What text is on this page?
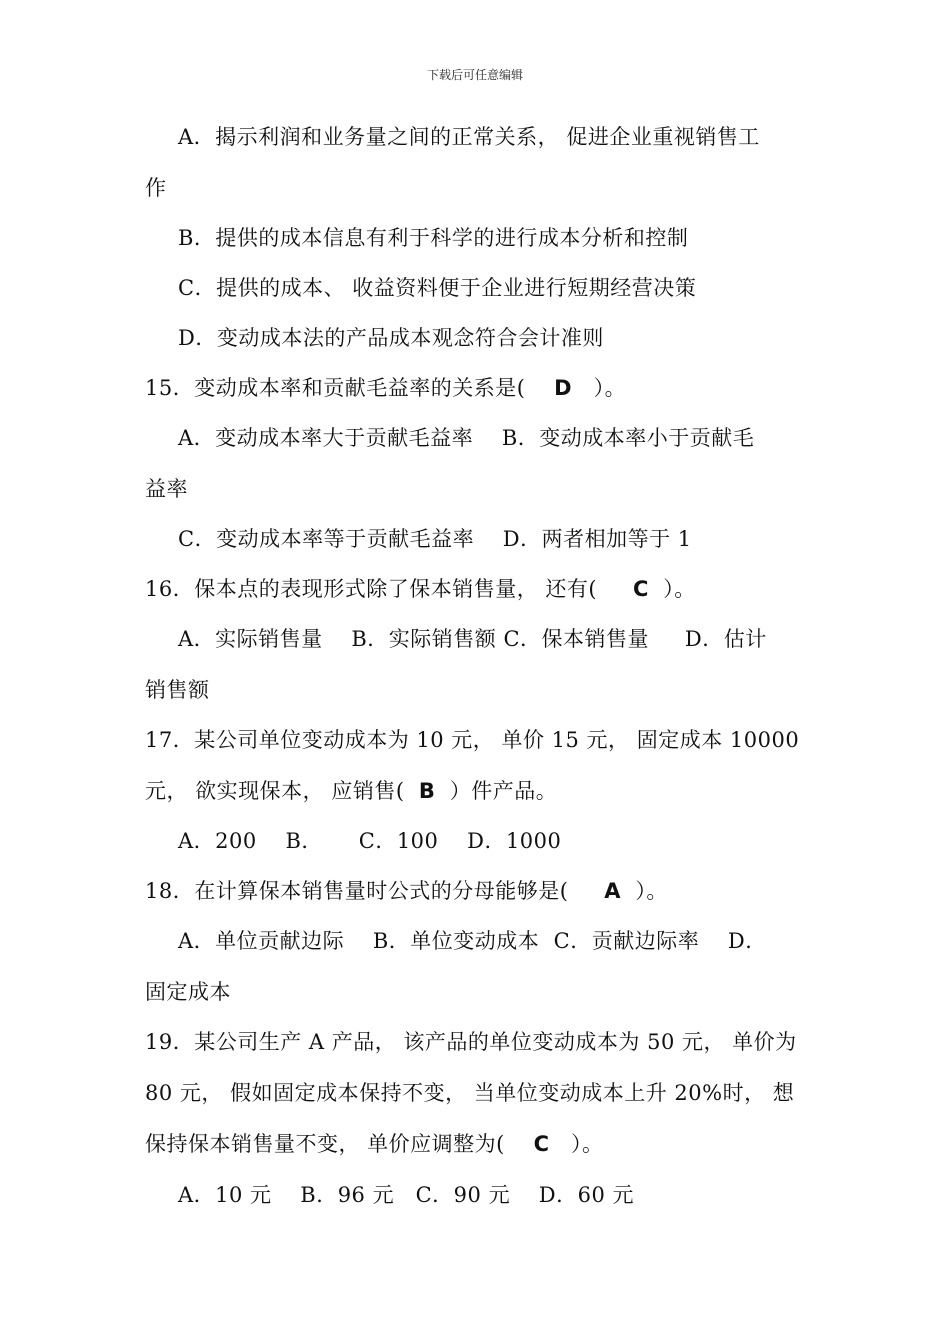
下载后可任意编辑
A．揭示利润和业务量之间的正常关系， 促进企业重视销售工
作
B．提供的成本信息有利于科学的进行成本分析和控制
C．提供的成本、 收益资料便于企业进行短期经营决策
D．变动成本法的产品成本观念符合会计准则
15．变动成本率和贡献毛益率的关系是(    D   ）。
A．变动成本率大于贡献毛益率    B．变动成本率小于贡献毛
益率
C．变动成本率等于贡献毛益率    D．两者相加等于 1
16．保本点的表现形式除了保本销售量， 还有(     C  ）。
A．实际销售量    B．实际销售额 C．保本销售量     D．估计
销售额
17．某公司单位变动成本为 10 元， 单价 15 元， 固定成本 10000
元， 欲实现保本， 应销售(  B  ）件产品。
A．200    B．     C．100    D．1000
18．在计算保本销售量时公式的分母能够是(     A  ）。
A．单位贡献边际    B．单位变动成本  C．贡献边际率    D．
固定成本
19．某公司生产 A 产品， 该产品的单位变动成本为 50 元， 单价为
80 元， 假如固定成本保持不变， 当单位变动成本上升 20%时， 想
保持保本销售量不变， 单价应调整为(    C   ）。
A．10 元    B．96 元   C．90 元    D．60 元
